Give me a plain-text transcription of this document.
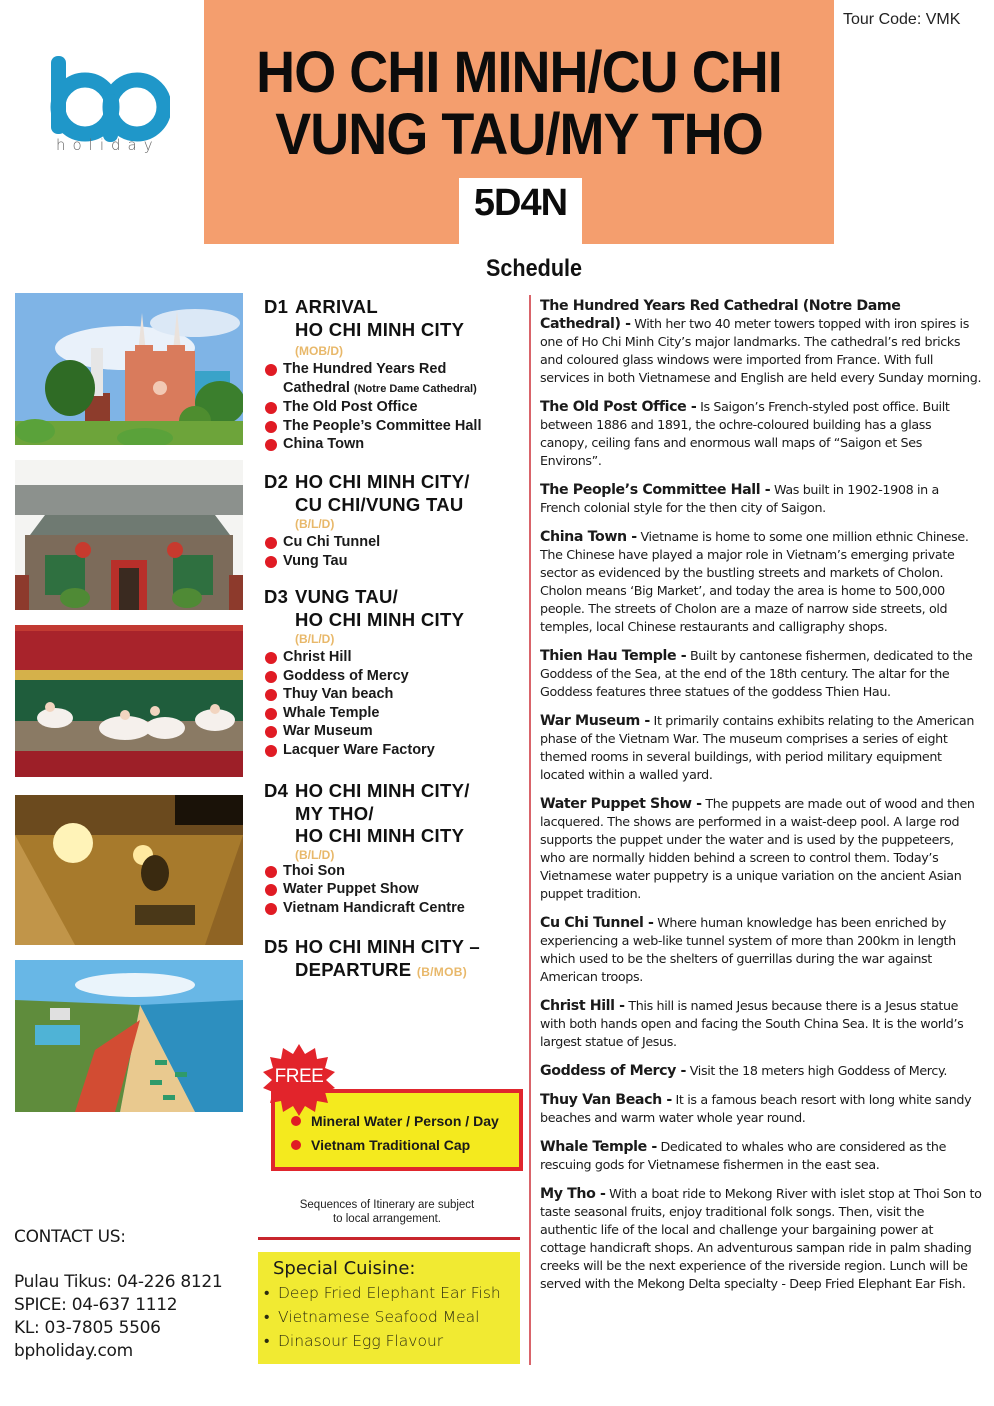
Tour Code: VMK
holiday
HO CHI MINH/CU CHI
VUNG TAU/MY THO
5D4N
Schedule
D1 ARRIVAL
HO CHI MINH CITY
(MOB/D)
The Hundred Years Red
Cathedral (Notre Dame Cathedral)
The Old Post Office
The People’s Committee Hall
China Town
D2 HO CHI MINH CITY/
CU CHI/VUNG TAU
(B/L/D)
Cu Chi Tunnel
Vung Tau
D3 VUNG TAU/
HO CHI MINH CITY
(B/L/D)
Christ Hill
Goddess of Mercy
Thuy Van beach
Whale Temple
War Museum
Lacquer Ware Factory
D4 HO CHI MINH CITY/
MY THO/
HO CHI MINH CITY
(B/L/D)
Thoi Son
Water Puppet Show
Vietnam Handicraft Centre
D5 HO CHI MINH CITY –
DEPARTURE (B/MOB)
Mineral Water / Person / Day
Vietnam Traditional Cap
FREE
Sequences of Itinerary are subject
to local arrangement.
Special Cuisine:
• Deep Fried Elephant Ear Fish
• Vietnamese Seafood Meal
• Dinasour Egg Flavour
CONTACT US:
Pulau Tikus: 04-226 8121
SPICE: 04-637 1112
KL: 03-7805 5506
bpholiday.com

The Hundred Years Red Cathedral (Notre Dame Cathedral) - With her two 40 meter towers topped with iron spires is one of Ho Chi Minh City’s major landmarks. The cathedral’s red bricks and coloured glass windows were imported from France. With full services in both Vietnamese and English are held every Sunday morning.

The Old Post Office - Is Saigon’s French-styled post office. Built between 1886 and 1891, the ochre-coloured building has a glass canopy, ceiling fans and enormous wall maps of “Saigon et Ses Environs”.

The People’s Committee Hall - Was built in 1902-1908 in a French colonial style for the then city of Saigon.

China Town - Vietname is home to some one million ethnic Chinese. The Chinese have played a major role in Vietnam’s emerging private sector as evidenced by the bustling streets and markets of Cholon. Cholon means ‘Big Market’, and today the area is home to 500,000 people. The streets of Cholon are a maze of narrow side streets, old temples, local Chinese restaurants and calligraphy shops.

Thien Hau Temple - Built by cantonese fishermen, dedicated to the Goddess of the Sea, at the end of the 18th century. The altar for the Goddess features three statues of the goddess Thien Hau.

War Museum - It primarily contains exhibits relating to the American phase of the Vietnam War. The museum comprises a series of eight themed rooms in several buildings, with period military equipment located within a walled yard.

Water Puppet Show - The puppets are made out of wood and then lacquered. The shows are performed in a waist-deep pool. A large rod supports the puppet under the water and is used by the puppeteers, who are normally hidden behind a screen to control them. Today’s Vietnamese water puppetry is a unique variation on the ancient Asian puppet tradition.

Cu Chi Tunnel - Where human knowledge has been enriched by experiencing a web-like tunnel system of more than 200km in length which used to be the shelters of guerrillas during the war against American troops.

Christ Hill - This hill is named Jesus because there is a Jesus statue with both hands open and facing the South China Sea. It is the world’s largest statue of Jesus.

Goddess of Mercy - Visit the 18 meters high Goddess of Mercy.

Thuy Van Beach - It is a famous beach resort with long white sandy beaches and warm water whole year round.

Whale Temple - Dedicated to whales who are considered as the rescuing gods for Vietnamese fishermen in the east sea.

My Tho - With a boat ride to Mekong River with islet stop at Thoi Son to taste seasonal fruits, enjoy traditional folk songs. Then, visit the authentic life of the local and challenge your bargaining power at cottage handicraft shops. An adventurous sampan ride in palm shading creeks will be the next experience of the riverside region. Lunch will be served with the Mekong Delta specialty - Deep Fried Elephant Ear Fish.
